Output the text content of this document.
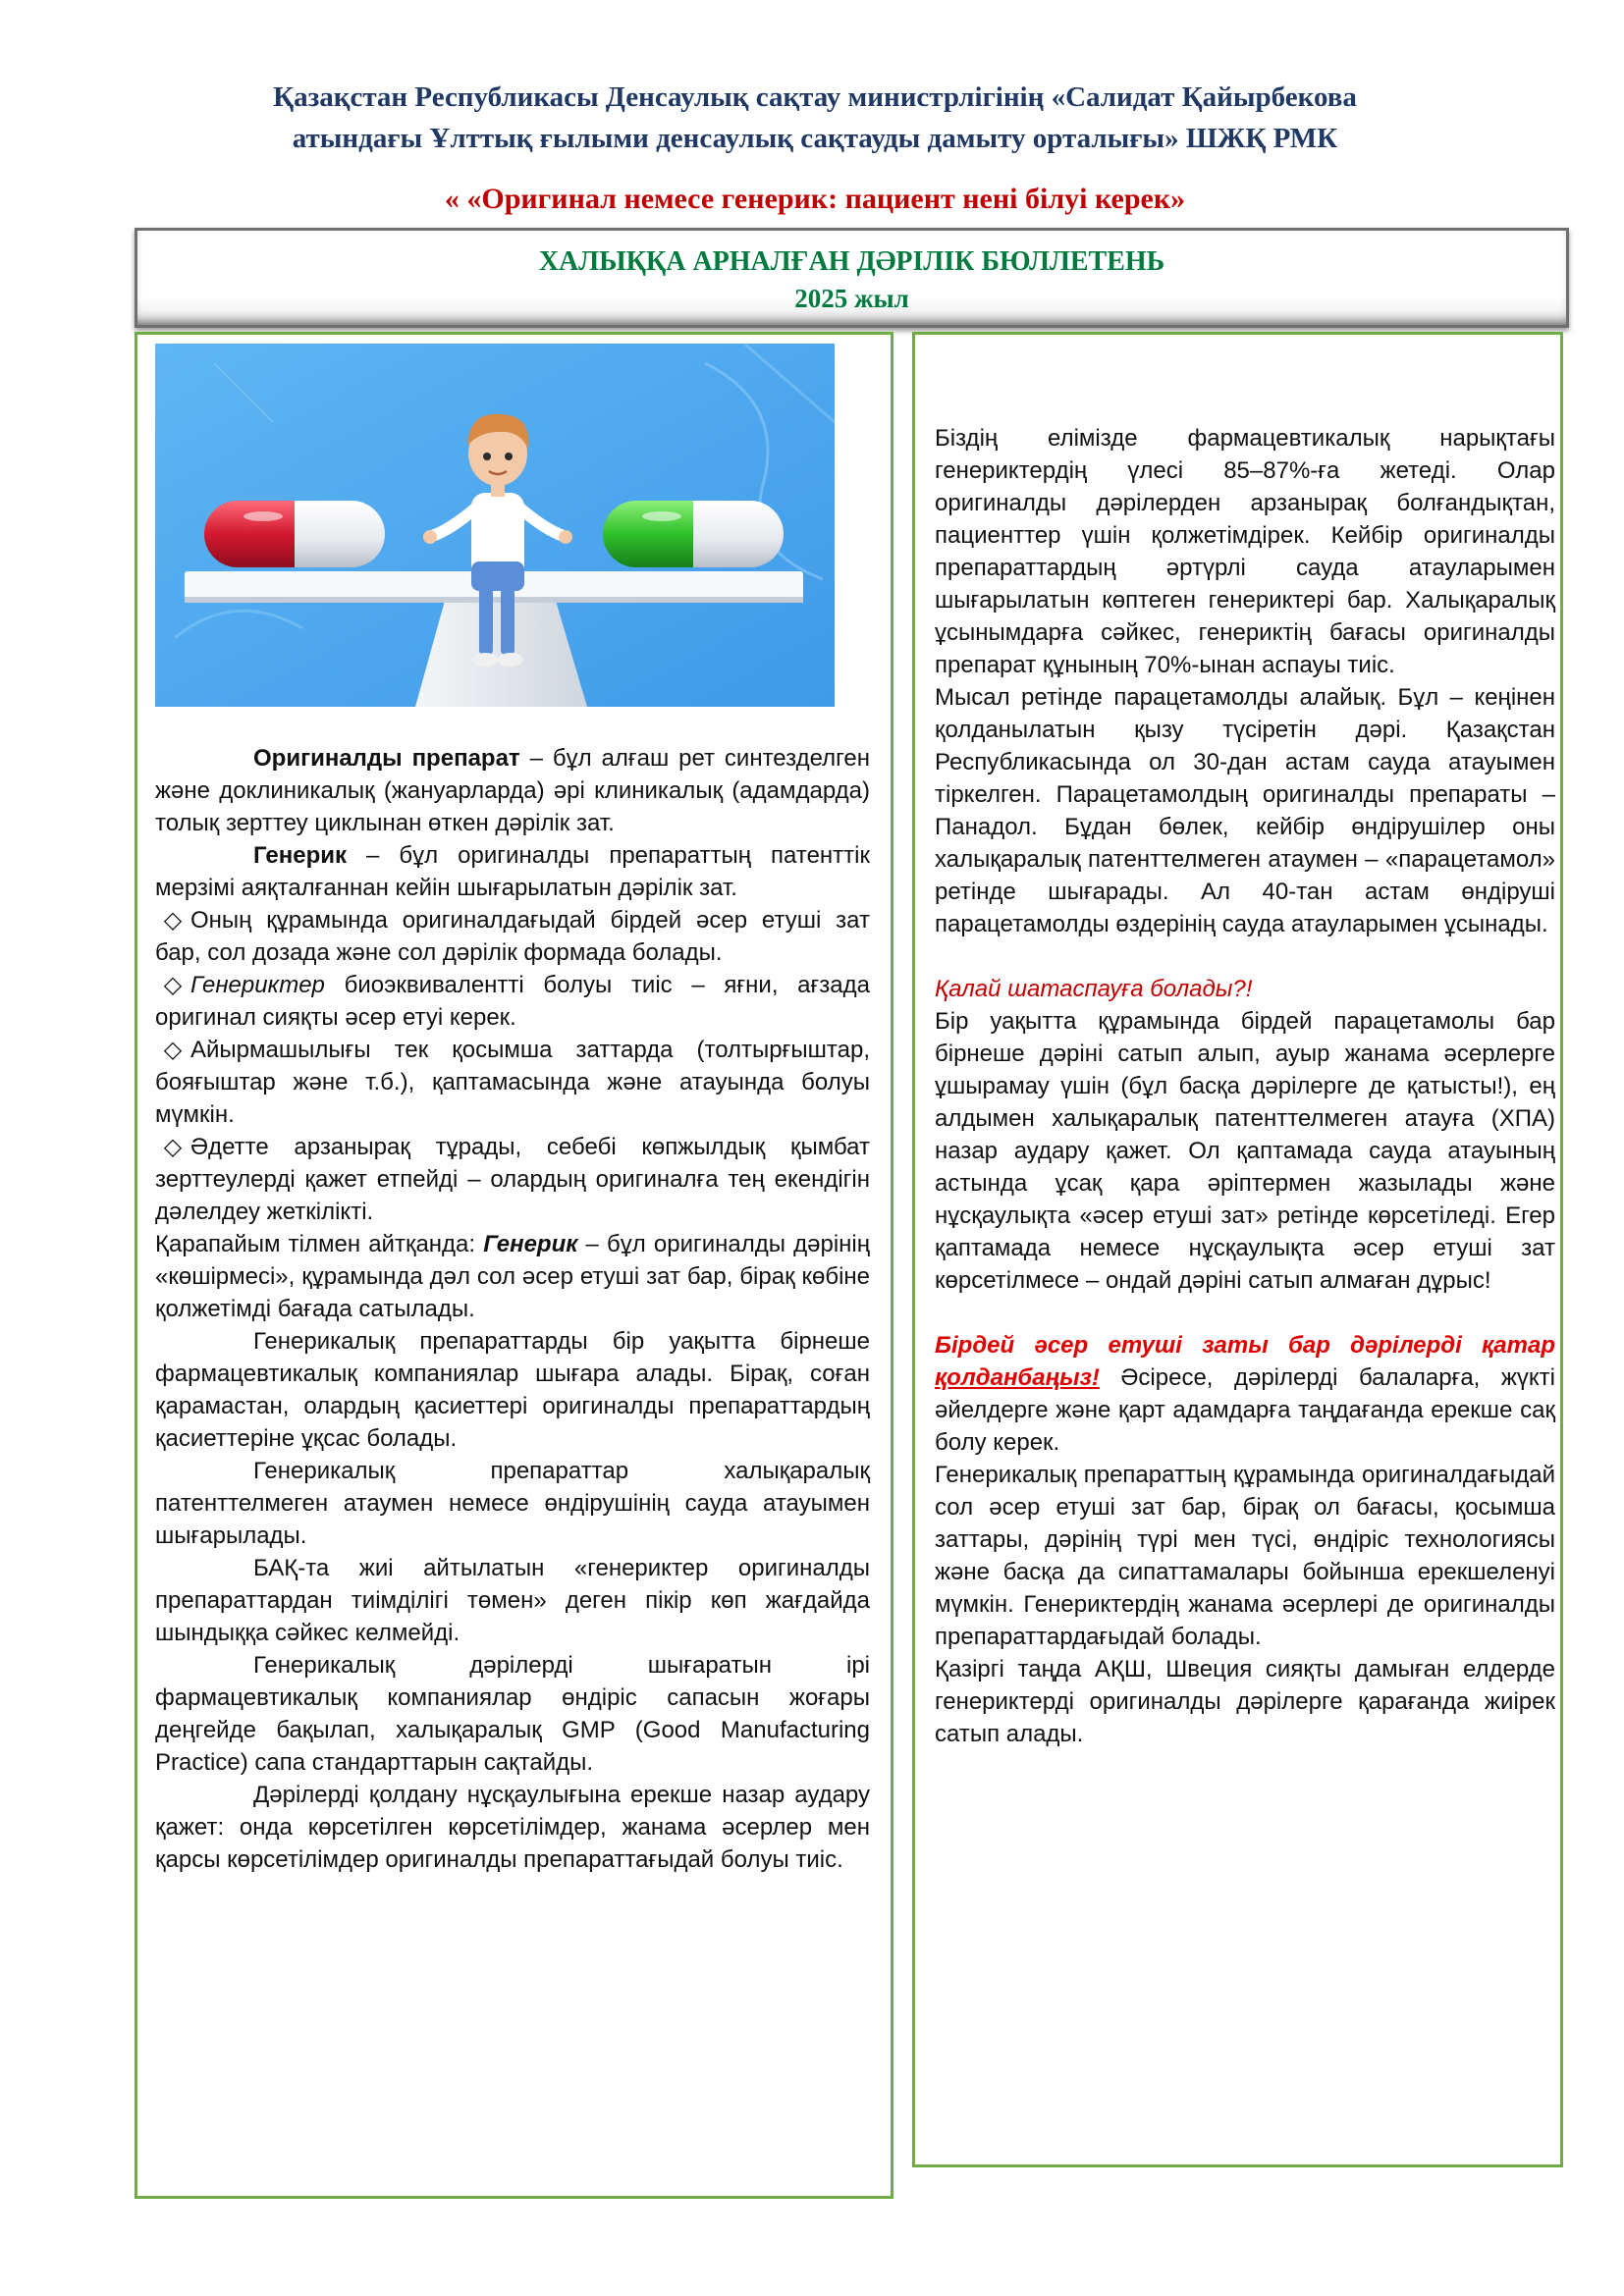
Қазақстан Республикасы Денсаулық сақтау министрлігінің «Салидат Қайырбекова
атындағы Ұлттық ғылыми денсаулық сақтауды дамыту орталығы» ШЖҚ РМК
« «Оригинал немесе генерик: пациент нені білуі керек»
ХАЛЫҚҚА АРНАЛҒАН ДӘРІЛІК БЮЛЛЕТЕНЬ
2025 жыл

Оригиналды препарат – бұл алғаш рет синтезделген және доклиникалық (жануарларда) әрі клиникалық (адамдарда) толық зерттеу циклынан өткен дәрілік зат.

Генерик – бұл оригиналды препараттың патенттік мерзімі аяқталғаннан кейін шығарылатын дәрілік зат.

◇ Оның құрамында оригиналдағыдай бірдей әсер етуші зат бар, сол дозада және сол дәрілік формада болады.

◇ Генериктер биоэквивалентті болуы тиіс – яғни, ағзада оригинал сияқты әсер етуі керек.

◇ Айырмашылығы тек қосымша заттарда (толтырғыштар, бояғыштар және т.б.), қаптамасында және атауында болуы мүмкін.

◇ Әдетте арзанырақ тұрады, себебі көпжылдық қымбат зерттеулерді қажет етпейді – олардың оригиналға тең екендігін дәлелдеу жеткілікті.

Қарапайым тілмен айтқанда: Генерик – бұл оригиналды дәрінің «көшірмесі», құрамында дәл сол әсер етуші зат бар, бірақ көбіне қолжетімді бағада сатылады.

Генерикалық препараттарды бір уақытта бірнеше фармацевтикалық компаниялар шығара алады. Бірақ, соған қарамастан, олардың қасиеттері оригиналды препараттардың қасиеттеріне ұқсас болады.

Генерикалық препараттар халықаралық патенттелмеген атаумен немесе өндірушінің сауда атауымен шығарылады.

БАҚ-та жиі айтылатын «генериктер оригиналды препараттардан тиімділігі төмен» деген пікір көп жағдайда шындыққа сәйкес келмейді.

Генерикалық дәрілерді шығаратын ірі фармацевтикалық компаниялар өндіріс сапасын жоғары деңгейде бақылап, халықаралық GMP (Good Manufacturing Practice) сапа стандарттарын сақтайды.

Дәрілерді қолдану нұсқаулығына ерекше назар аудару қажет: онда көрсетілген көрсетілімдер, жанама әсерлер мен қарсы көрсетілімдер оригиналды препараттағыдай болуы тиіс.

Біздің елімізде фармацевтикалық нарықтағы генериктердің үлесі 85–87%-ға жетеді. Олар оригиналды дәрілерден арзанырақ болғандықтан, пациенттер үшін қолжетімдірек. Кейбір оригиналды препараттардың әртүрлі сауда атауларымен шығарылатын көптеген генериктері бар. Халықаралық ұсынымдарға сәйкес, генериктің бағасы оригиналды препарат құнының 70%-ынан аспауы тиіс.

Мысал ретінде парацетамолды алайық. Бұл – кеңінен қолданылатын қызу түсіретін дәрі. Қазақстан Республикасында ол 30-дан астам сауда атауымен тіркелген. Парацетамолдың оригиналды препараты – Панадол. Бұдан бөлек, кейбір өндірушілер оны халықаралық патенттелмеген атаумен – «парацетамол» ретінде шығарады. Ал 40-тан астам өндіруші парацетамолды өздерінің сауда атауларымен ұсынады.

Қалай шатаспауға болады?!

Бір уақытта құрамында бірдей парацетамолы бар бірнеше дәріні сатып алып, ауыр жанама әсерлерге ұшырамау үшін (бұл басқа дәрілерге де қатысты!), ең алдымен халықаралық патенттелмеген атауға (ХПА) назар аудару қажет. Ол қаптамада сауда атауының астында ұсақ қара әріптермен жазылады және нұсқаулықта «әсер етуші зат» ретінде көрсетіледі. Егер қаптамада немесе нұсқаулықта әсер етуші зат көрсетілмесе – ондай дәріні сатып алмаған дұрыс!

Бірдей әсер етуші заты бар дәрілерді қатар қолданбаңыз! Әсіресе, дәрілерді балаларға, жүкті әйелдерге және қарт адамдарға таңдағанда ерекше сақ болу керек.

Генерикалық препараттың құрамында оригиналдағыдай сол әсер етуші зат бар, бірақ ол бағасы, қосымша заттары, дәрінің түрі мен түсі, өндіріс технологиясы және басқа да сипаттамалары бойынша ерекшеленуі мүмкін. Генериктердің жанама әсерлері де оригиналды препараттардағыдай болады.

Қазіргі таңда АҚШ, Швеция сияқты дамыған елдерде генериктерді оригиналды дәрілерге қарағанда жиірек сатып алады.
